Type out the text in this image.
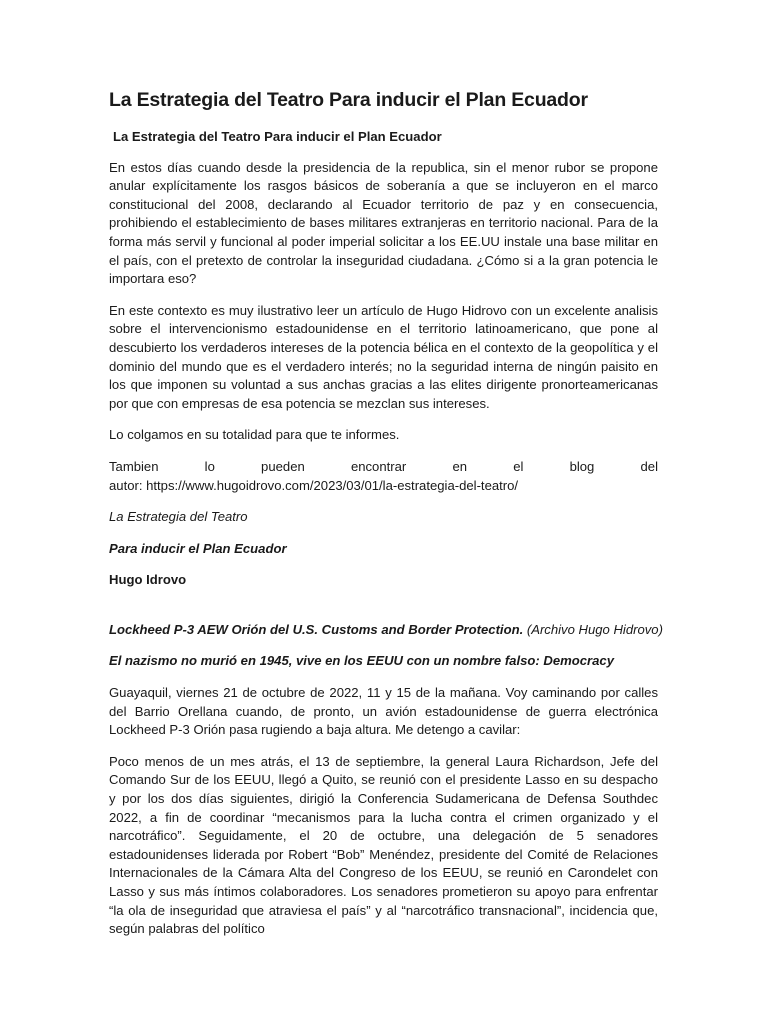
La Estrategia del Teatro Para inducir el Plan Ecuador

La Estrategia del Teatro Para inducir el Plan Ecuador

En estos días cuando desde la presidencia de la republica, sin el menor rubor se propone anular explícitamente los rasgos básicos de soberanía a que se incluyeron en el marco constitucional del 2008, declarando al Ecuador territorio de paz y en consecuencia, prohibiendo el establecimiento de bases militares extranjeras en territorio nacional. Para de la forma más servil y funcional al poder imperial solicitar a los EE.UU instale una base militar en el país, con el pretexto de controlar la inseguridad ciudadana. ¿Cómo si a la gran potencia le importara eso?

En este contexto es muy ilustrativo leer un artículo de Hugo Hidrovo con un excelente analisis sobre el intervencionismo estadounidense en el territorio latinoamericano, que pone al descubierto los verdaderos intereses de la potencia bélica en el contexto de la geopolítica y el dominio del mundo que es el verdadero interés; no la seguridad interna de ningún paisito en los que imponen su voluntad a sus anchas gracias a las elites dirigente pronorteamericanas por que con empresas de esa potencia se mezclan sus intereses.

Lo colgamos en su totalidad para que te informes.

Tambien lo pueden encontrar en el blog del

autor: https://www.hugoidrovo.com/2023/03/01/la-estrategia-del-teatro/

La Estrategia del Teatro

Para inducir el Plan Ecuador

Hugo Idrovo

Lockheed P-3 AEW Orión del U.S. Customs and Border Protection. (Archivo Hugo Hidrovo)

El nazismo no murió en 1945, vive en los EEUU con un nombre falso: Democracy

Guayaquil, viernes 21 de octubre de 2022, 11 y 15 de la mañana. Voy caminando por calles del Barrio Orellana cuando, de pronto, un avión estadounidense de guerra electrónica Lockheed P-3 Orión pasa rugiendo a baja altura. Me detengo a cavilar:

Poco menos de un mes atrás, el 13 de septiembre, la general Laura Richardson, Jefe del Comando Sur de los EEUU, llegó a Quito, se reunió con el presidente Lasso en su despacho y por los dos días siguientes, dirigió la Conferencia Sudamericana de Defensa Southdec 2022, a fin de coordinar “mecanismos para la lucha contra el crimen organizado y el narcotráfico”. Seguidamente, el 20 de octubre, una delegación de 5 senadores estadounidenses liderada por Robert “Bob” Menéndez, presidente del Comité de Relaciones Internacionales de la Cámara Alta del Congreso de los EEUU, se reunió en Carondelet con Lasso y sus más íntimos colaboradores. Los senadores prometieron su apoyo para enfrentar “la ola de inseguridad que atraviesa el país” y al “narcotráfico transnacional”, incidencia que, según palabras del político
